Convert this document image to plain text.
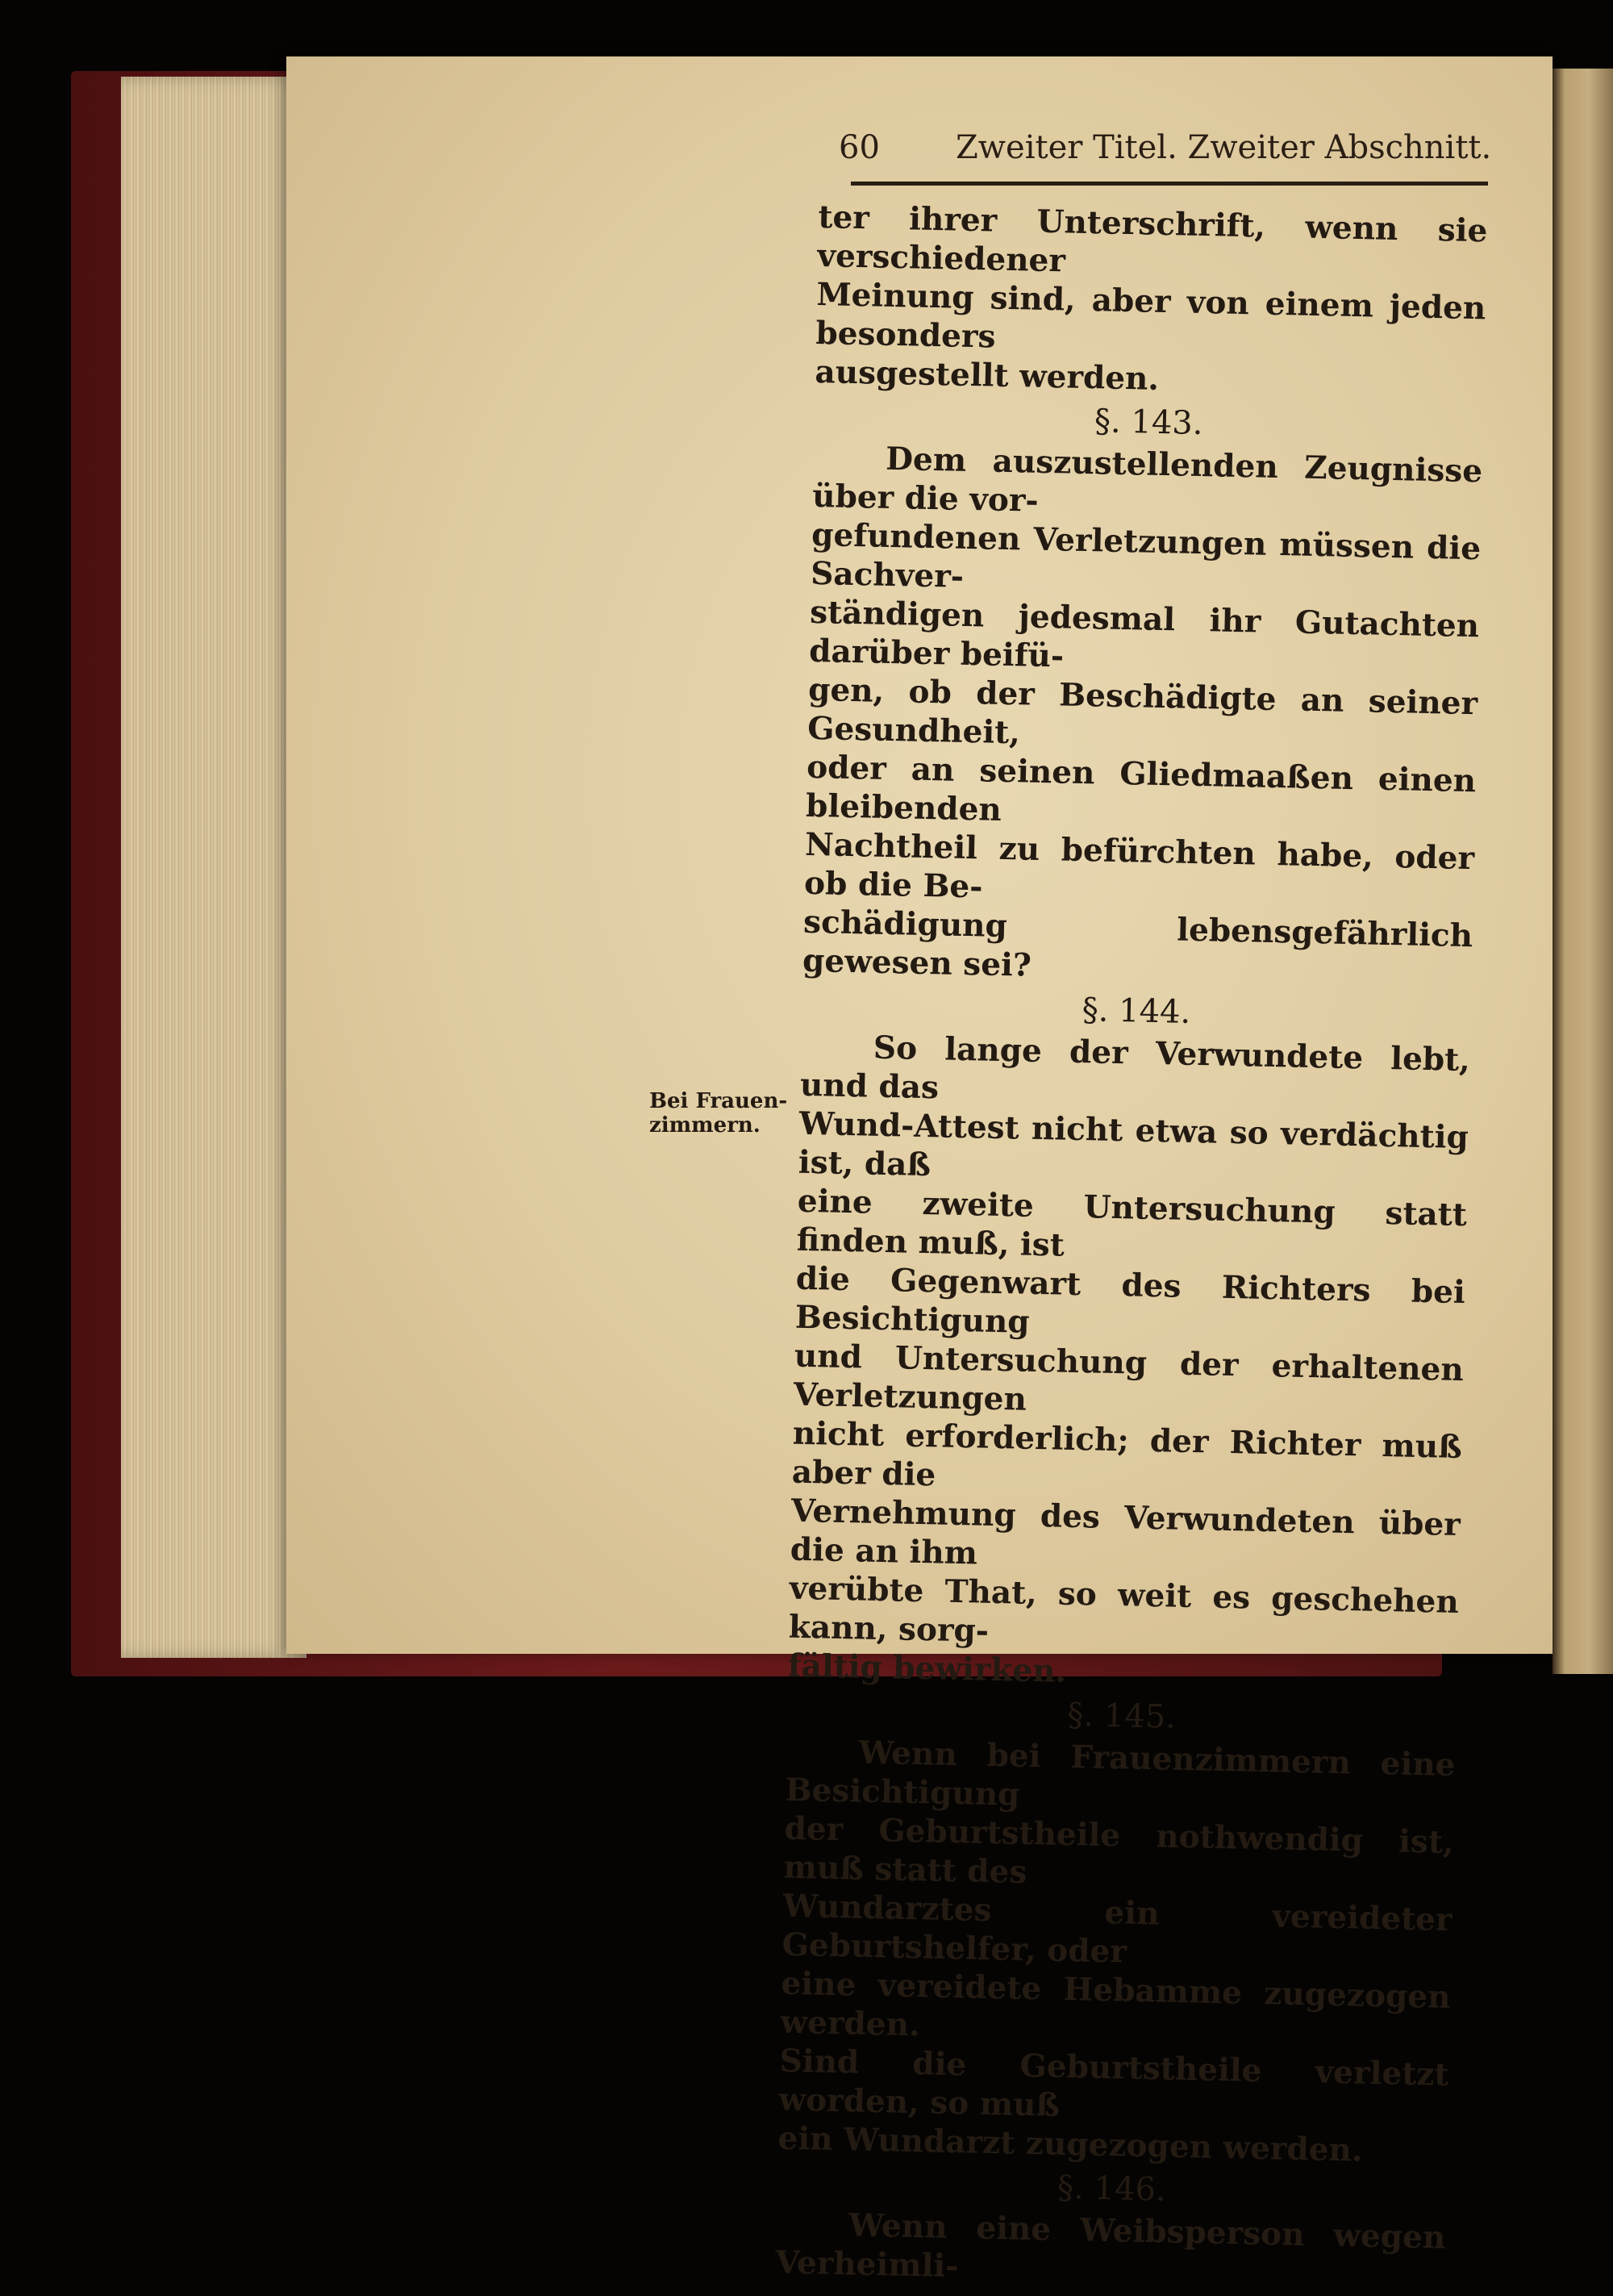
60 Zweiter Titel. Zweiter Abschnitt.
Bei Frauen-
zimmern.

ter ihrer Unterschrift, wenn sie verschiedener
Meinung sind, aber von einem jeden besonders
ausgestellt werden.

§. 143.

Dem auszustellenden Zeugnisse über die vor-
gefundenen Verletzungen müssen die Sachver-
ständigen jedesmal ihr Gutachten darüber beifü-
gen, ob der Beschädigte an seiner Gesundheit,
oder an seinen Gliedmaaßen einen bleibenden
Nachtheil zu befürchten habe, oder ob die Be-
schädigung lebensgefährlich gewesen sei?

§. 144.

So lange der Verwundete lebt, und das
Wund-Attest nicht etwa so verdächtig ist, daß
eine zweite Untersuchung statt finden muß, ist
die Gegenwart des Richters bei Besichtigung
und Untersuchung der erhaltenen Verletzungen
nicht erforderlich; der Richter muß aber die
Vernehmung des Verwundeten über die an ihm
verübte That, so weit es geschehen kann, sorg-
fältig bewirken.

§. 145.

Wenn bei Frauenzimmern eine Besichtigung
der Geburtstheile nothwendig ist, muß statt des
Wundarztes ein vereideter Geburtshelfer, oder
eine vereidete Hebamme zugezogen werden.
Sind die Geburtstheile verletzt worden, so muß
ein Wundarzt zugezogen werden.

§. 146.

Wenn eine Weibsperson wegen Verheimli-
